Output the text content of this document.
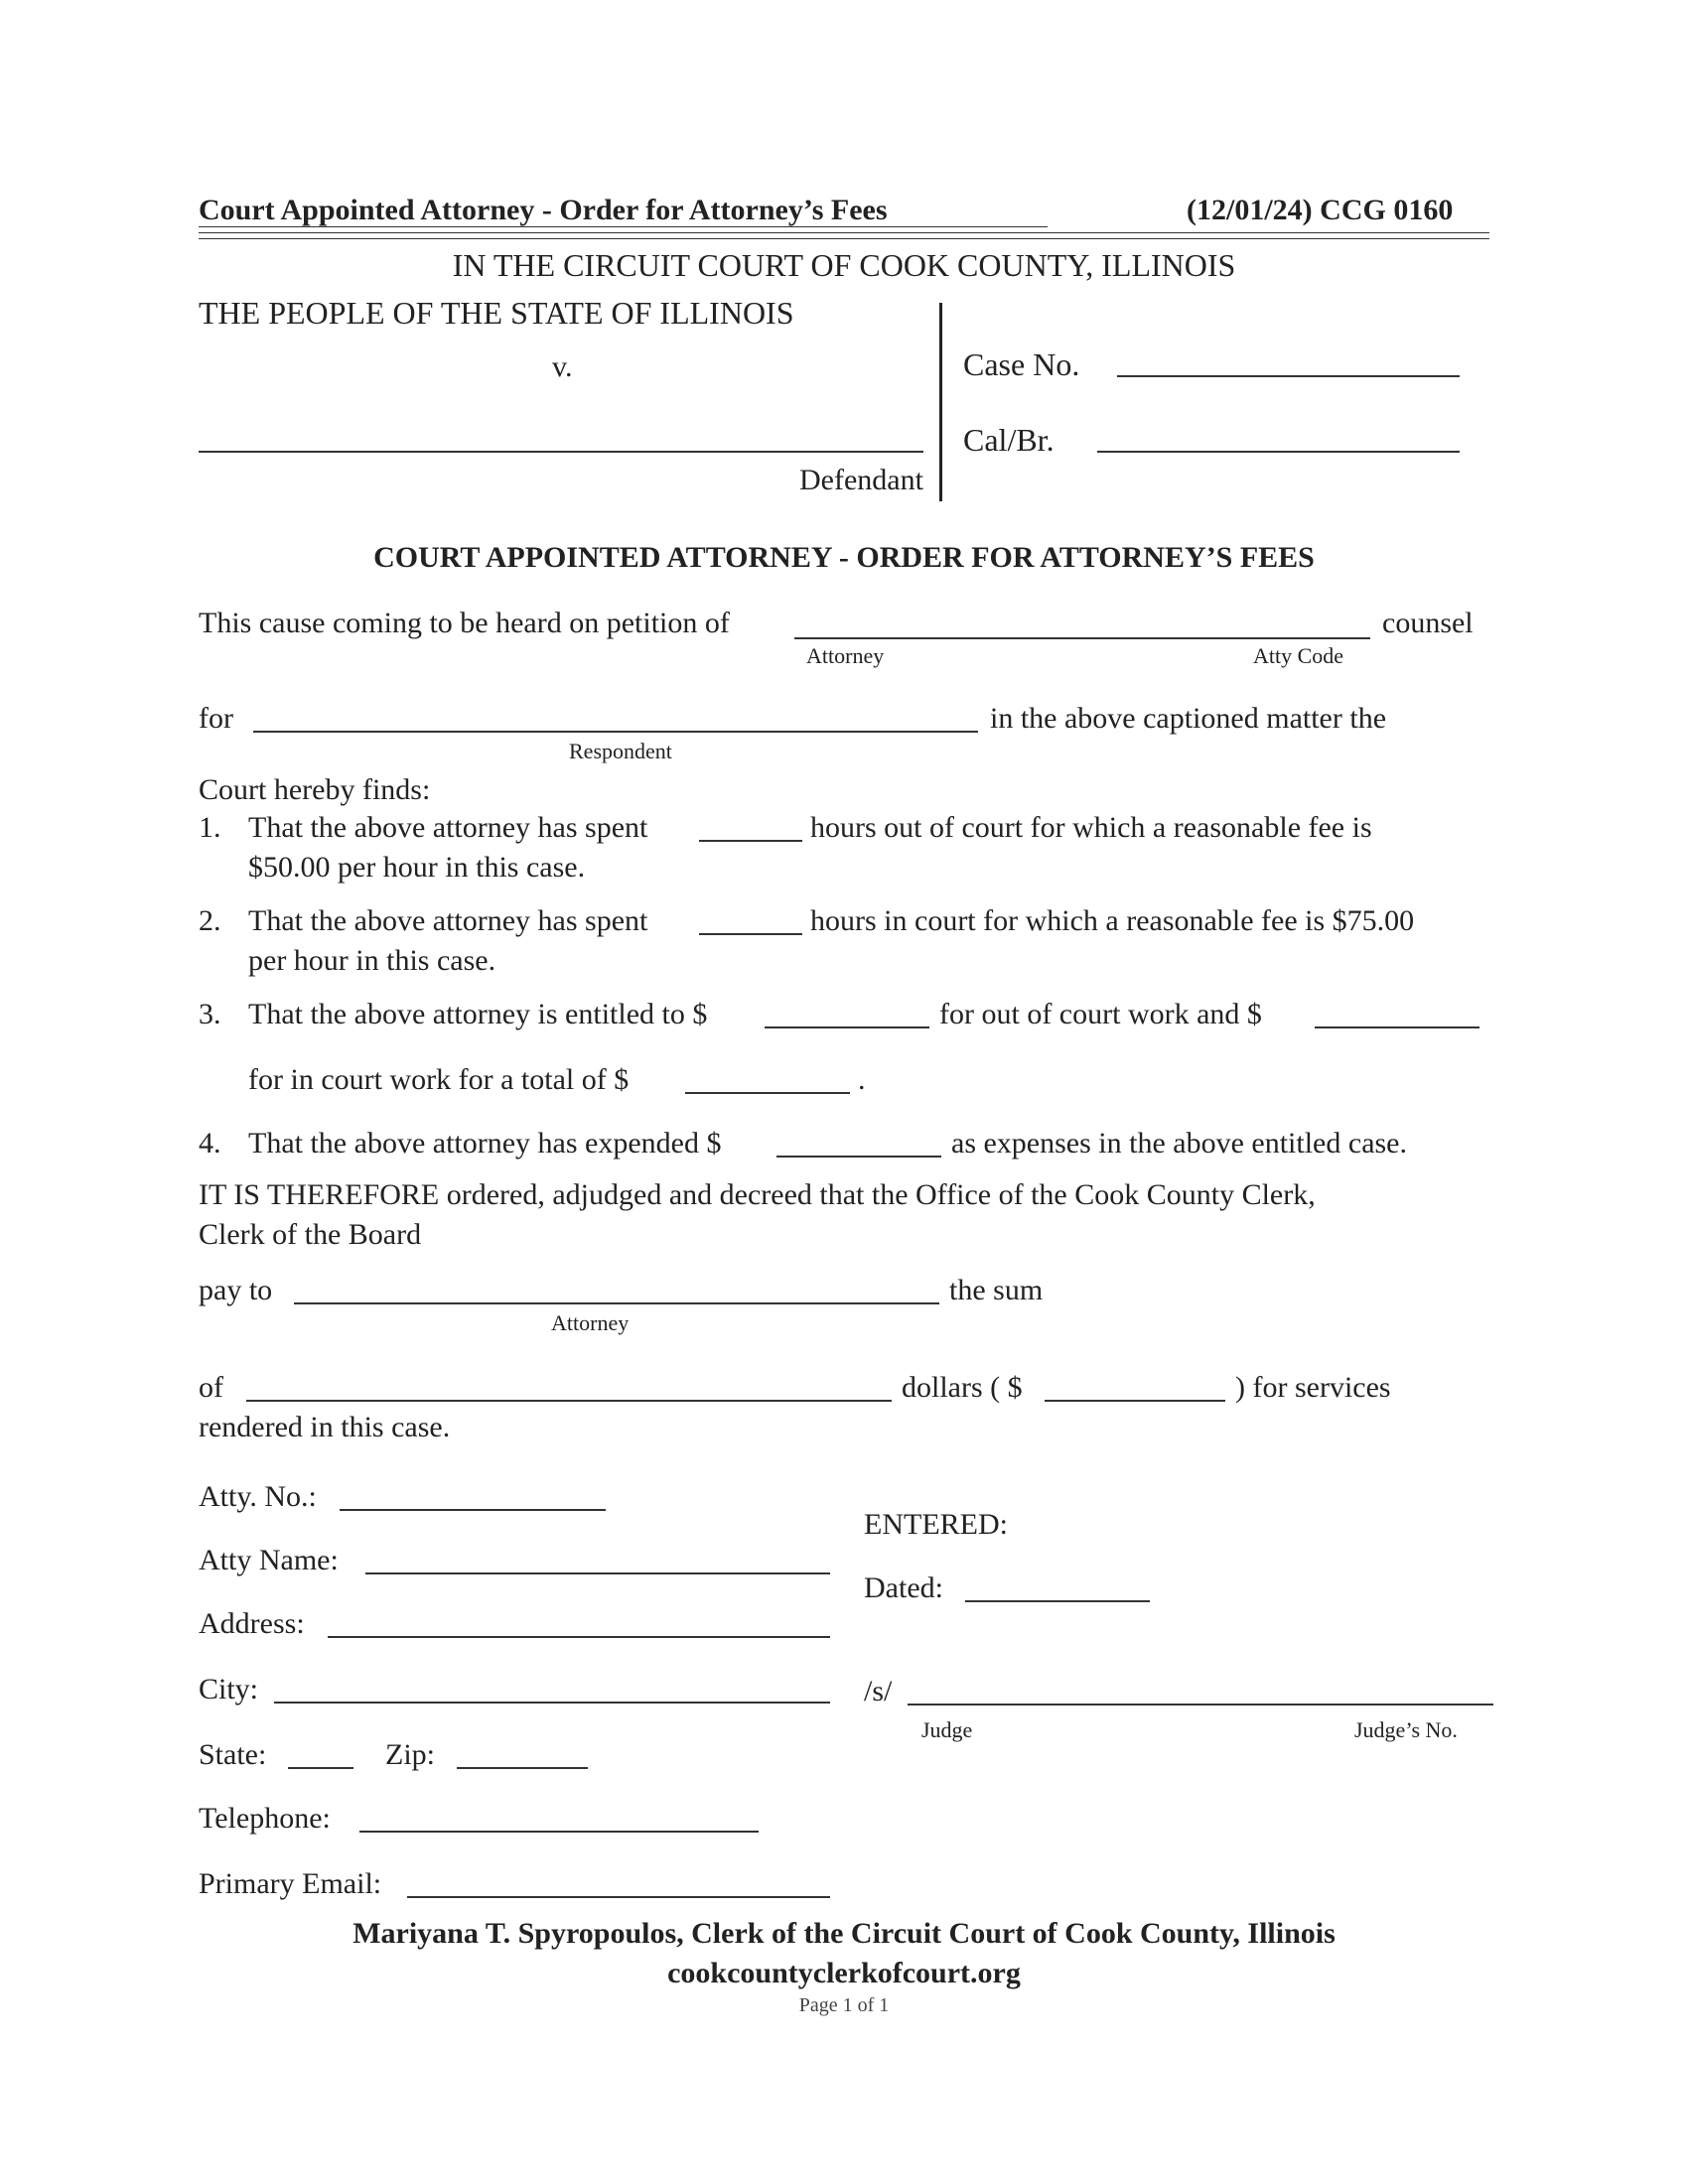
Court Appointed Attorney - Order for Attorney’s Fees	(12/01/24) CCG 0160
IN THE CIRCUIT COURT OF COOK COUNTY, ILLINOIS
THE PEOPLE OF THE STATE OF ILLINOIS
v.
Defendant
Case No.
Cal/Br.
COURT APPOINTED ATTORNEY - ORDER FOR ATTORNEY’S FEES
This cause coming to be heard on petition of	counsel
Attorney	Atty Code
for	in the above captioned matter the
Respondent
Court hereby finds:
1. That the above attorney has spent	hours out of court for which a reasonable fee is
$50.00 per hour in this case.
2. That the above attorney has spent	hours in court for which a reasonable fee is $75.00
per hour in this case.
3. That the above attorney is entitled to $	for out of court work and $
for in court work for a total of $	.
4. That the above attorney has expended $	as expenses in the above entitled case.
IT IS THEREFORE ordered, adjudged and decreed that the Office of the Cook County Clerk,
Clerk of the Board
pay to	the sum
Attorney
of	dollars ( $	) for services
rendered in this case.
Atty. No.:
Atty Name:
Address:
City:
State:	Zip:
Telephone:
Primary Email:
ENTERED:
Dated:
/s/
Judge	Judge’s No.
Mariyana T. Spyropoulos, Clerk of the Circuit Court of Cook County, Illinois
cookcountyclerkofcourt.org
Page 1 of 1
